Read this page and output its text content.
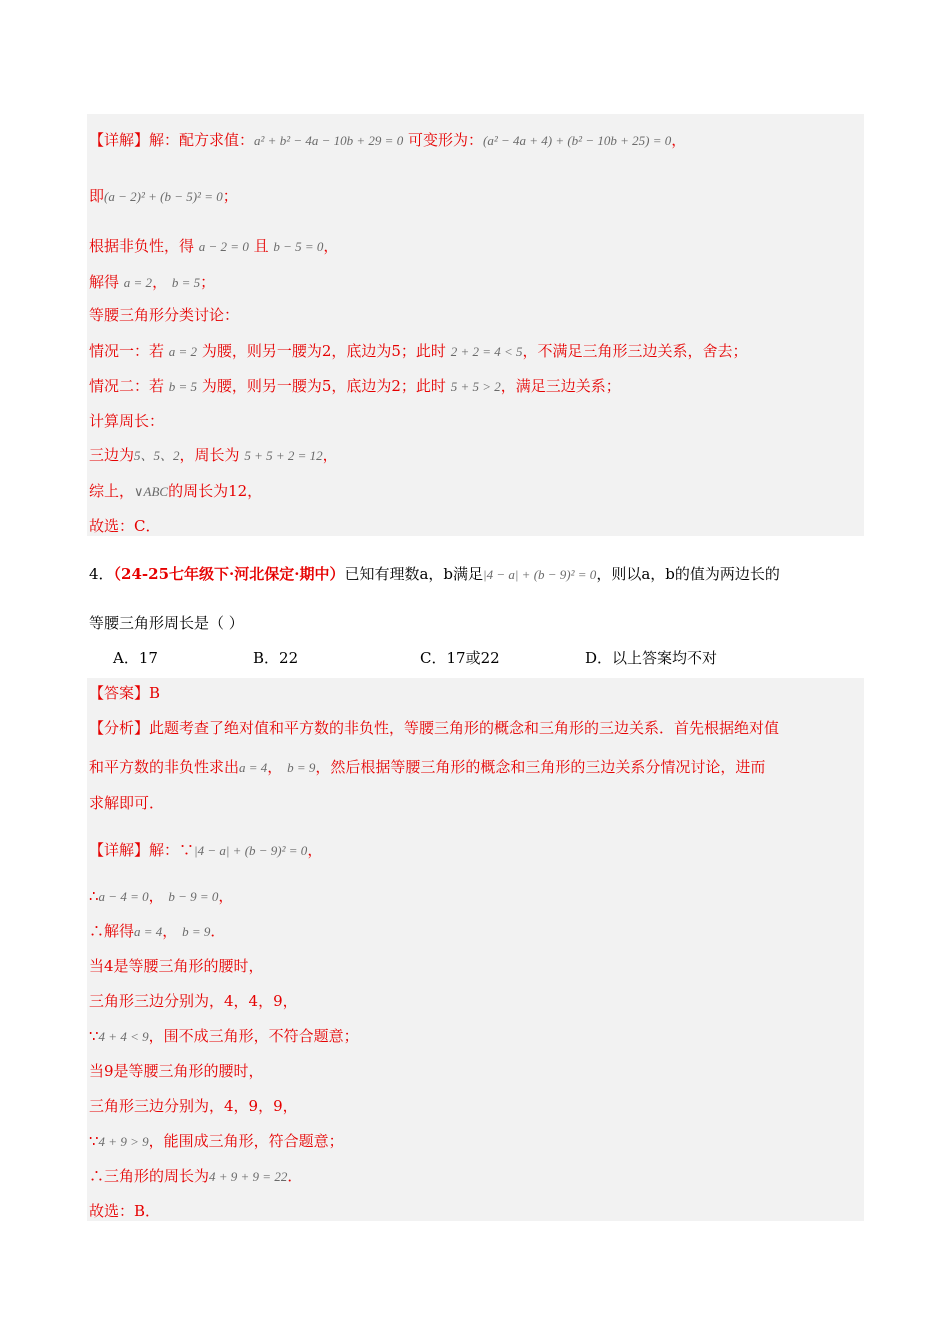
【详解】解：配方求值：a² + b² − 4a − 10b + 29 = 0 可变形为：(a² − 4a + 4) + (b² − 10b + 25) = 0，
即(a − 2)² + (b − 5)² = 0；
根据非负性，得 a − 2 = 0 且 b − 5 = 0，
解得 a = 2， b = 5；
等腰三角形分类讨论：
情况一：若 a = 2 为腰，则另一腰为2，底边为5；此时 2 + 2 = 4 < 5，不满足三角形三边关系，舍去；
情况二：若 b = 5 为腰，则另一腰为5，底边为2；此时 5 + 5 > 2，满足三边关系；
计算周长：
三边为5、5、2，周长为 5 + 5 + 2 = 12，
综上，∨ABC的周长为12，
故选：C．
4．（24-25七年级下·河北保定·期中）已知有理数a，b满足|4 − a| + (b − 9)² = 0，则以a，b的值为两边长的
等腰三角形周长是（ ）
A．17	B．22	C．17或22	D．以上答案均不对
【答案】B
【分析】此题考查了绝对值和平方数的非负性，等腰三角形的概念和三角形的三边关系．首先根据绝对值
和平方数的非负性求出a = 4， b = 9，然后根据等腰三角形的概念和三角形的三边关系分情况讨论，进而
求解即可．
【详解】解：∵|4 − a| + (b − 9)² = 0，
∴a − 4 = 0， b − 9 = 0，
∴解得a = 4， b = 9．
当4是等腰三角形的腰时，
三角形三边分别为，4，4，9，
∵4 + 4 < 9，围不成三角形，不符合题意；
当9是等腰三角形的腰时，
三角形三边分别为，4，9，9，
∵4 + 9 > 9，能围成三角形，符合题意；
∴三角形的周长为4 + 9 + 9 = 22．
故选：B．
